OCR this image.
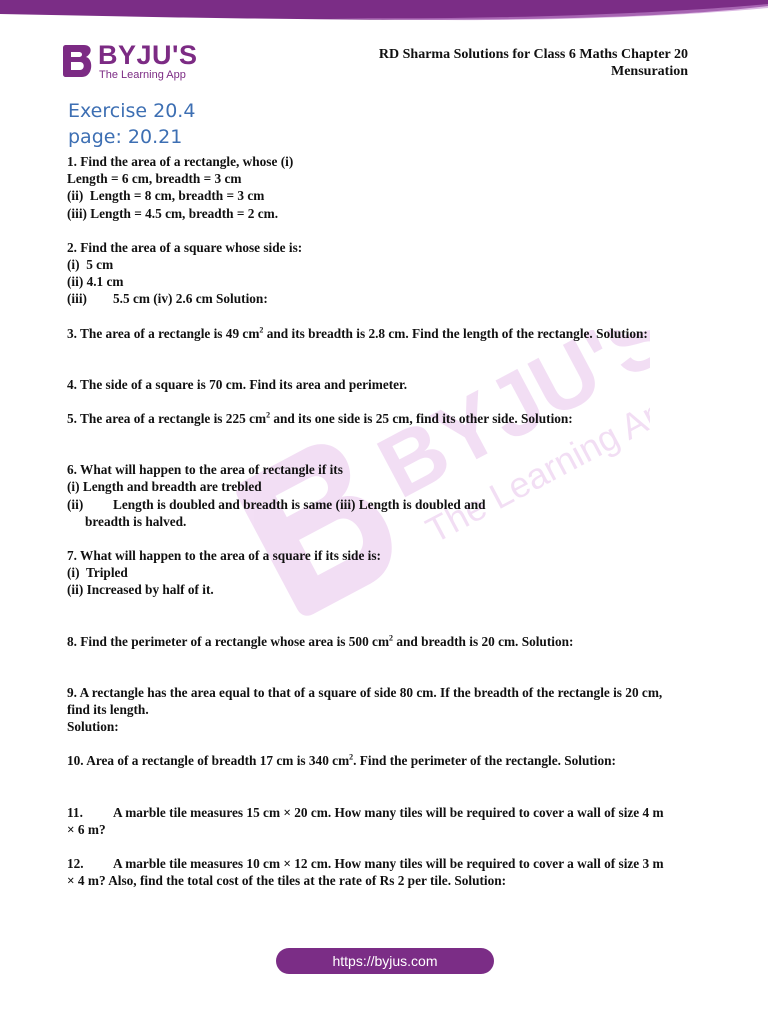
BYJU'S
The Learning App
RD Sharma Solutions for Class 6 Maths Chapter 20
Mensuration
Exercise 20.4
page: 20.21
BYJU'S
The Learning App
1. Find the area of a rectangle, whose (i)
Length = 6 cm, breadth = 3 cm
(ii)  Length = 8 cm, breadth = 3 cm
(iii) Length = 4.5 cm, breadth = 2 cm.
2. Find the area of a square whose side is:
(i)  5 cm
(ii) 4.1 cm
(iii) 5.5 cm (iv) 2.6 cm Solution:
3. The area of a rectangle is 49 $cm^2$ and its breadth is 2.8 cm. Find the length of the rectangle. Solution:
4. The side of a square is 70 cm. Find its area and perimeter.
5. The area of a rectangle is 225 $cm^2$ and its one side is 25 cm, find its other side. Solution:
6. What will happen to the area of rectangle if its
(i) Length and breadth are trebled
(ii) Length is doubled and breadth is same (iii) Length is doubled and
breadth is halved.
7. What will happen to the area of a square if its side is:
(i)  Tripled
(ii) Increased by half of it.
8. Find the perimeter of a rectangle whose area is 500 $cm^2$ and breadth is 20 cm. Solution:
9. A rectangle has the area equal to that of a square of side 80 cm. If the breadth of the rectangle is 20 cm,
find its length.
Solution:
10. Area of a rectangle of breadth 17 cm is 340 $cm^2$. Find the perimeter of the rectangle. Solution:
11. A marble tile measures 15 cm × 20 cm. How many tiles will be required to cover a wall of size 4 m
× 6 m?
12. A marble tile measures 10 cm × 12 cm. How many tiles will be required to cover a wall of size 3 m
× 4 m? Also, find the total cost of the tiles at the rate of Rs 2 per tile. Solution:
https://byjus.com
